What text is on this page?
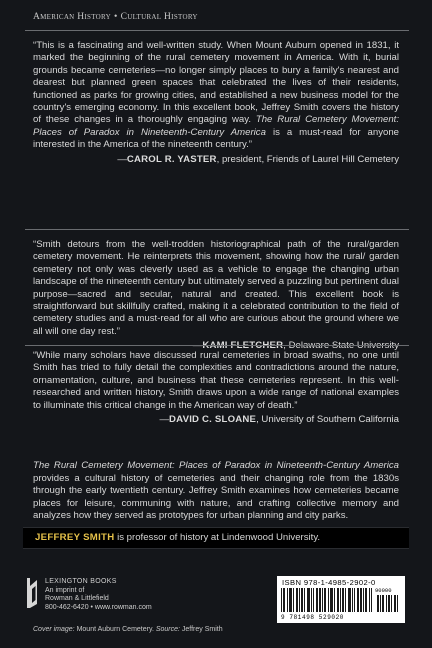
American History • Cultural History
“This is a fascinating and well-written study. When Mount Auburn opened in 1831, it marked the beginning of the rural cemetery movement in America. With it, burial grounds became cemeteries—no longer simply places to bury a family's nearest and dearest but planned green spaces that celebrated the lives of their residents, functioned as parks for growing cities, and established a new business model for the country's emerging economy. In this excellent book, Jeffrey Smith covers the history of these changes in a thoroughly engaging way. The Rural Cemetery Movement: Places of Paradox in Nineteenth-Century America is a must-read for anyone interested in the America of the nineteenth century.”
—CAROL R. YASTER, president, Friends of Laurel Hill Cemetery
“Smith detours from the well-trodden historiographical path of the rural/garden cemetery movement. He reinterprets this movement, showing how the rural/ garden cemetery not only was cleverly used as a vehicle to engage the changing urban landscape of the nineteenth century but ultimately served a puzzling but pertinent dual purpose—sacred and secular, natural and created. This excellent book is straightforward but skillfully crafted, making it a celebrated contribution to the field of cemetery studies and a must-read for all who are curious about the ground where we all will one day rest.”
“While many scholars have discussed rural cemeteries in broad swaths, no one until Smith has tried to fully detail the complexities and contradictions around the nature, ornamentation, culture, and business that these cemeteries represent. In this well-researched and written history, Smith draws upon a wide range of national examples to illuminate this critical change in the American way of death.”
—DAVID C. SLOANE, University of Southern California
The Rural Cemetery Movement: Places of Paradox in Nineteenth-Century America provides a cultural history of cemeteries and their changing role from the 1830s through the early twentieth century. Jeffrey Smith examines how cemeteries became places for leisure, communing with nature, and crafting collective memory and analyzes how they served as prototypes for urban planning and city parks.
JEFFREY SMITH is professor of history at Lindenwood University.
LEXINGTON BOOKS
An imprint of
Rowman & Littlefield
800-462-6420 • www.rowman.com
ISBN 978-1-4985-2902-0
9 781498 529020
90000
Cover image: Mount Auburn Cemetery. Source: Jeffrey Smith
